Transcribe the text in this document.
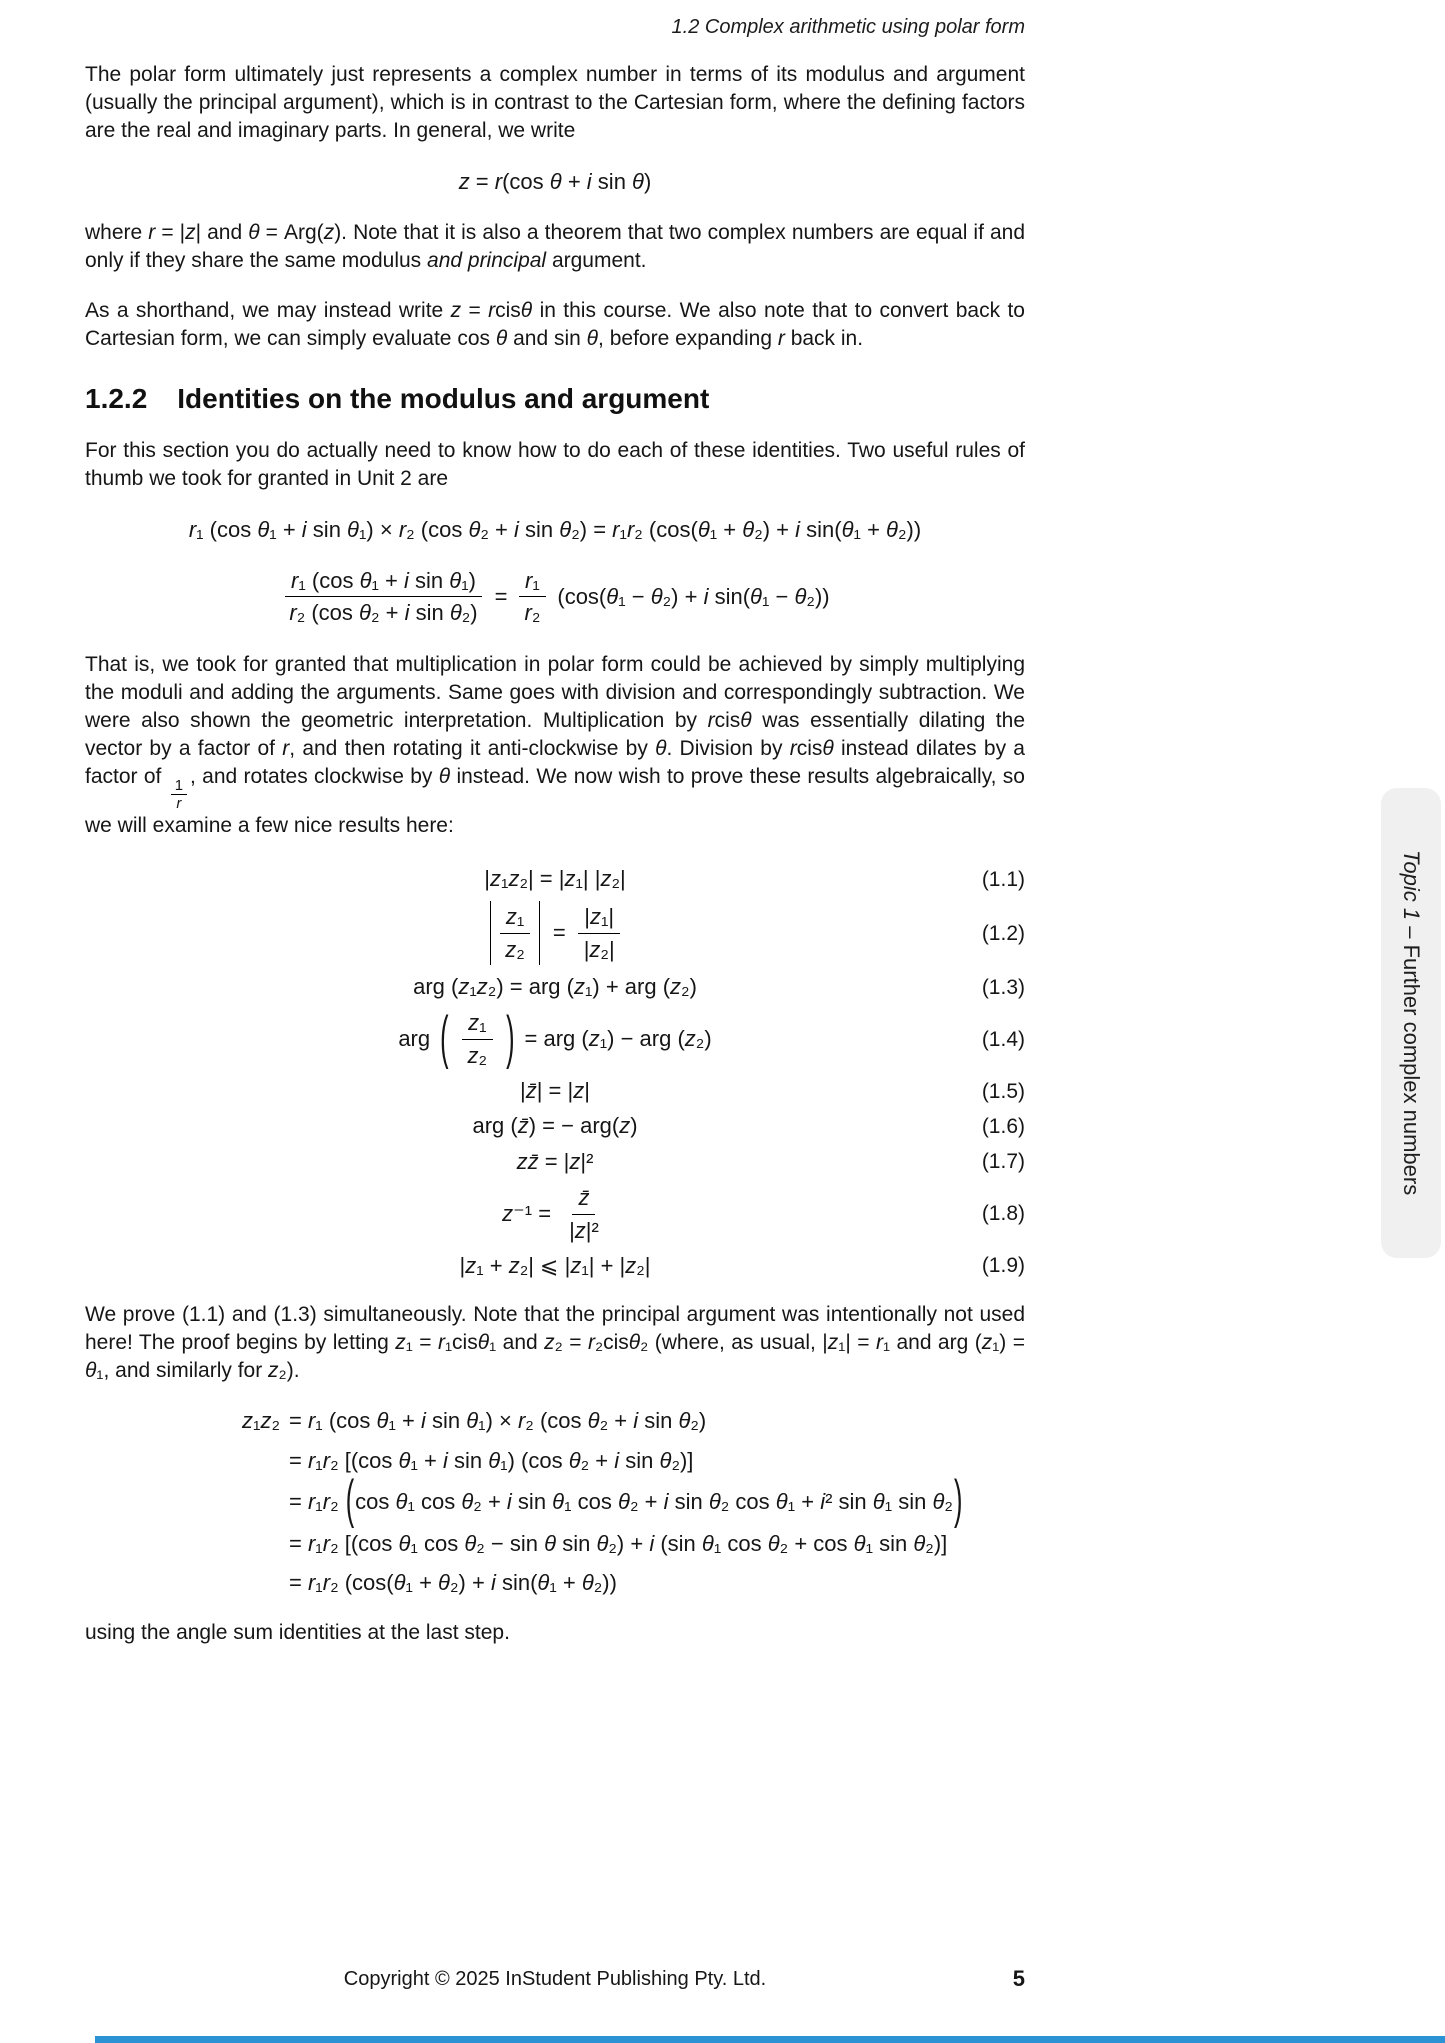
1.2 Complex arithmetic using polar form

The polar form ultimately just represents a complex number in terms of its modulus and argument (usually the principal argument), which is in contrast to the Cartesian form, where the defining factors are the real and imaginary parts. In general, we write

z = r(cos θ + i sin θ)

where r = |z| and θ = Arg(z). Note that it is also a theorem that two complex numbers are equal if and only if they share the same modulus and principal argument.

As a shorthand, we may instead write z = rcisθ in this course. We also note that to convert back to Cartesian form, we can simply evaluate cos θ and sin θ, before expanding r back in.

1.2.2 Identities on the modulus and argument

For this section you do actually need to know how to do each of these identities. Two useful rules of thumb we took for granted in Unit 2 are

r₁ (cos θ₁ + i sin θ₁) × r₂ (cos θ₂ + i sin θ₂) = r₁r₂ (cos(θ₁ + θ₂) + i sin(θ₁ + θ₂))
$\frac{\text{r₁ (cos θ₁ + i sin θ₁)}}{\text{r₂ (cos θ₂ + i sin θ₂)}} = \frac{\text{r₁}}{\text{r₂}} (\cos(\theta_1 - \theta_2) + i$ sin(θ₁ − θ₂))

That is, we took for granted that multiplication in polar form could be achieved by simply multiplying the moduli and adding the arguments. Same goes with division and correspondingly subtraction. We were also shown the geometric interpretation. Multiplication by rcisθ was essentially dilating the vector by a factor of r, and then rotating it anti-clockwise by θ. Division by rcisθ instead dilates by a factor of
$\frac{1}{r}$
, and rotates clockwise by θ instead. We now wish to prove these results algebraically, so we will examine a few nice results here:

|z₁z₂| = |z₁| |z₂|	(1.1)
$\frac{\text{z₁}}{\text{z₂}} = \frac{\text{|z₁|}}{\text{|z₂|}}$	(1.2)
arg (z₁z₂) = arg (z₁) + arg (z₂)	(1.3)
arg ( $\frac{\text{z₁}}{\text{z₂}}$ ) = arg (z₁) − arg (z₂)	(1.4)
|z̄| = |z|	(1.5)
arg (z̄) = − arg(z)	(1.6)
zz̄ = |z|²	(1.7)
$z^{-1} = \frac{z̄}{\text{|z|²}}$	(1.8)
|z₁ + z₂| ⩽ |z₁| + |z₂|	(1.9)

We prove (1.1) and (1.3) simultaneously. Note that the principal argument was intentionally not used here! The proof begins by letting z₁ = r₁cisθ₁ and z₂ = r₂cisθ₂ (where, as usual, |z₁| = r₁ and arg (z₁) = θ₁, and similarly for z₂).

z₁z₂ = r₁ (cos θ₁ + i sin θ₁) × r₂ (cos θ₂ + i sin θ₂)
= r₁r₂ [(cos θ₁ + i sin θ₁) (cos θ₂ + i sin θ₂)]
= r₁r₂ (cos θ₁ cos θ₂ + i sin θ₁ cos θ₂ + i sin θ₂ cos θ₁ + i² sin θ₁ sin θ₂)
= r₁r₂ [(cos θ₁ cos θ₂ − sin θ sin θ₂) + i (sin θ₁ cos θ₂ + cos θ₁ sin θ₂)]
= r₁r₂ (cos(θ₁ + θ₂) + i sin(θ₁ + θ₂))

using the angle sum identities at the last step.

Topic 1 – Further complex numbers
Copyright © 2025 InStudent Publishing Pty. Ltd.	5
